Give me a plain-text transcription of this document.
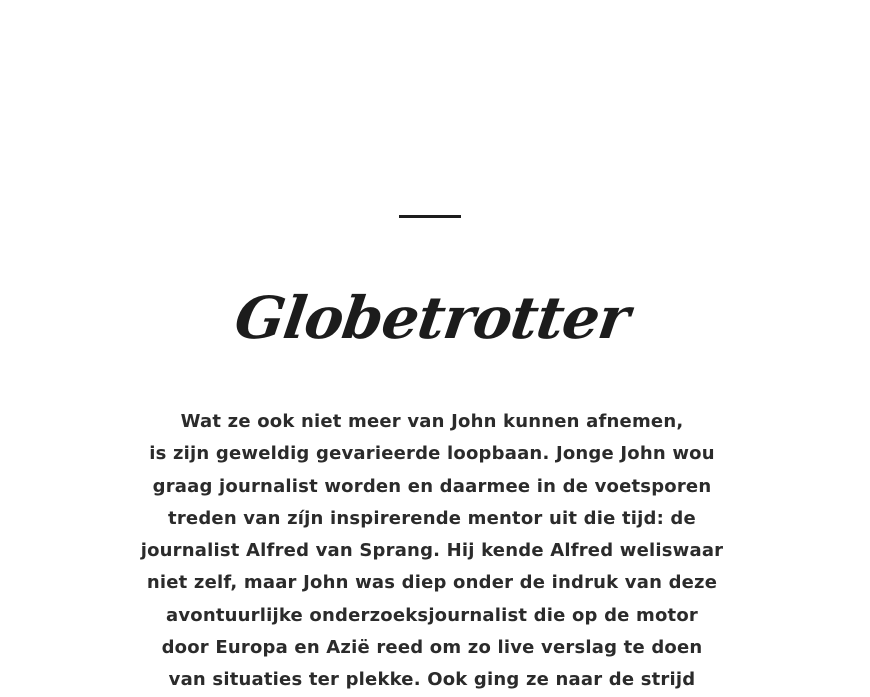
Globetrotter
Wat ze ook niet meer van John kunnen afnemen,
is zijn geweldig gevarieerde loopbaan. Jonge John wou
graag journalist worden en daarmee in de voetsporen
treden van zíjn inspirerende mentor uit die tijd: de
journalist Alfred van Sprang. Hij kende Alfred weliswaar
niet zelf, maar John was diep onder de indruk van deze
avontuurlijke onderzoeksjournalist die op de motor
door Europa en Azië reed om zo live verslag te doen
van situaties ter plekke. Ook ging ze naar de strijd
